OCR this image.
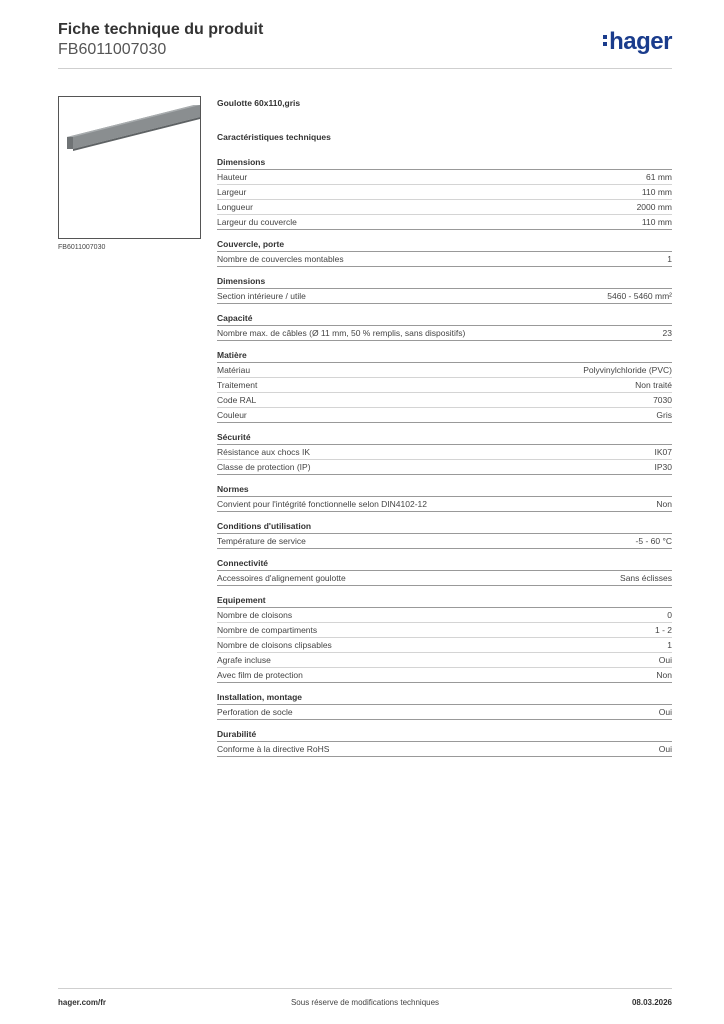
Fiche technique du produit
FB6011007030	hager
FB6011007030
Goulotte 60x110,gris
Caractéristiques techniques
Dimensions
Hauteur	61 mm
Largeur	110 mm
Longueur	2000 mm
Largeur du couvercle	110 mm
Couvercle, porte
Nombre de couvercles montables	1
Dimensions
Section intérieure / utile	5460 - 5460 mm²
Capacité
Nombre max. de câbles (Ø 11 mm, 50 % remplis, sans dispositifs)	23
Matière
Matériau	Polyvinylchloride (PVC)
Traitement	Non traité
Code RAL	7030
Couleur	Gris
Sécurité
Résistance aux chocs IK	IK07
Classe de protection (IP)	IP30
Normes
Convient pour l'intégrité fonctionnelle selon DIN4102-12	Non
Conditions d'utilisation
Température de service	-5 - 60 °C
Connectivité
Accessoires d'alignement goulotte	Sans éclisses
Equipement
Nombre de cloisons	0
Nombre de compartiments	1 - 2
Nombre de cloisons clipsables	1
Agrafe incluse	Oui
Avec film de protection	Non
Installation, montage
Perforation de socle	Oui
Durabilité
Conforme à la directive RoHS	Oui
Sous réserve de modifications techniques
hager.com/fr	08.03.2026
